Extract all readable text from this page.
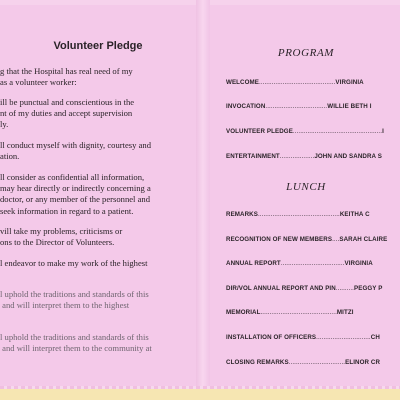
Volunteer Pledge
g that the Hospital has real need of my
as a volunteer worker:
ill be punctual and conscientious in the
nt of my duties and accept supervision
ly.
ll conduct myself with dignity, courtesy and
ation.
ll consider as confidential all information,
may hear directly or indirectly concerning a
doctor, or any member of the personnel and
seek information in regard to a patient.
vill take my problems, criticisms or
ons to the Director of Volunteers.
l endeavor to make my work of the highest
l uphold the traditions and standards of this
and will interpret them to the highest
l uphold the traditions and standards of this
and will interpret them to the community at
PROGRAM
WELCOME..........................................VIRGINIA
INVOCATION..................................WILLIE BETH I
VOLUNTEER PLEDGE.................................................I
ENTERTAINMENT...................JOHN AND SANDRA S
LUNCH
REMARKS.............................................KEITHA C
RECOGNITION OF NEW MEMBERS....SARAH CLAIRE
ANNUAL REPORT...................................VIRGINIA
DIR/VOL ANNUAL REPORT AND PIN..........PEGGY P
MEMORIAL..........................................MITZI
INSTALLATION OF OFFICERS..............................CH
CLOSING REMARKS...............................ELINOR CR
